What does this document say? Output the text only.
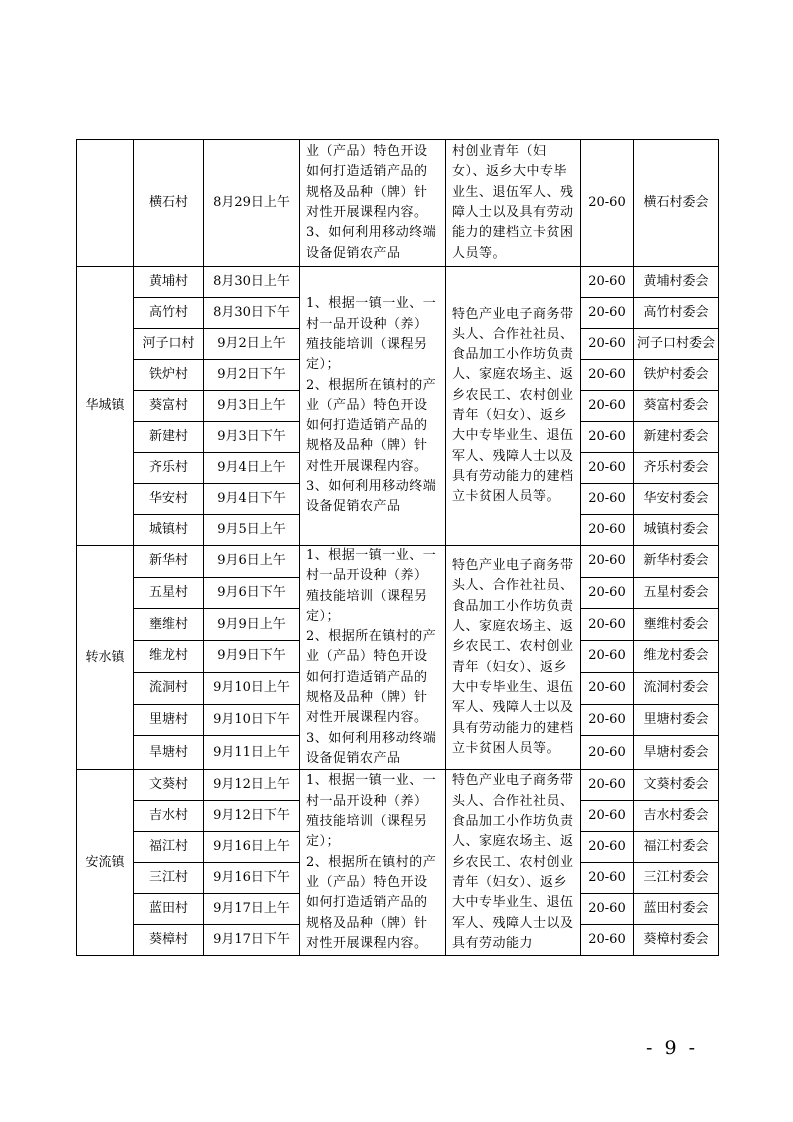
	横石村	8月29日上午	业（产品）特色开设如何打造适销产品的规格及品种（牌）针对性开展课程内容。
3、如何利用移动终端设备促销农产品	村创业青年（妇女）、返乡大中专毕业生、退伍军人、残障人士以及具有劳动能力的建档立卡贫困人员等。	20-60	横石村委会
华城镇	黄埔村	8月30日上午	1、根据一镇一业、一村一品开设种（养）殖技能培训（课程另定）；
2、根据所在镇村的产业（产品）特色开设如何打造适销产品的规格及品种（牌）针对性开展课程内容。
3、如何利用移动终端设备促销农产品	特色产业电子商务带头人、合作社社员、食品加工小作坊负责人、家庭农场主、返乡农民工、农村创业青年（妇女）、返乡大中专毕业生、退伍军人、残障人士以及具有劳动能力的建档立卡贫困人员等。	20-60	黄埔村委会
	高竹村	8月30日下午			20-60	高竹村委会
	河子口村	9月2日上午			20-60	河子口村委会
	铁炉村	9月2日下午			20-60	铁炉村委会
	葵富村	9月3日上午			20-60	葵富村委会
	新建村	9月3日下午			20-60	新建村委会
	齐乐村	9月4日上午			20-60	齐乐村委会
	华安村	9月4日下午			20-60	华安村委会
	城镇村	9月5日上午			20-60	城镇村委会
转水镇	新华村	9月6日上午	1、根据一镇一业、一村一品开设种（养）殖技能培训（课程另定）；
2、根据所在镇村的产业（产品）特色开设如何打造适销产品的规格及品种（牌）针对性开展课程内容。
3、如何利用移动终端设备促销农产品	特色产业电子商务带头人、合作社社员、食品加工小作坊负责人、家庭农场主、返乡农民工、农村创业青年（妇女）、返乡大中专毕业生、退伍军人、残障人士以及具有劳动能力的建档立卡贫困人员等。	20-60	新华村委会
	五星村	9月6日下午			20-60	五星村委会
	壅维村	9月9日上午			20-60	壅维村委会
	维龙村	9月9日下午			20-60	维龙村委会
	流洞村	9月10日上午			20-60	流洞村委会
	里塘村	9月10日下午			20-60	里塘村委会
	旱塘村	9月11日上午			20-60	旱塘村委会
安流镇	文葵村	9月12日上午	1、根据一镇一业、一村一品开设种（养）殖技能培训（课程另定）；
2、根据所在镇村的产业（产品）特色开设如何打造适销产品的规格及品种（牌）针对性开展课程内容。	特色产业电子商务带头人、合作社社员、食品加工小作坊负责人、家庭农场主、返乡农民工、农村创业青年（妇女）、返乡大中专毕业生、退伍军人、残障人士以及具有劳动能力	20-60	文葵村委会
	吉水村	9月12日下午			20-60	吉水村委会
	福江村	9月16日上午			20-60	福江村委会
	三江村	9月16日下午			20-60	三江村委会
	蓝田村	9月17日上午			20-60	蓝田村委会
	葵樟村	9月17日下午			20-60	葵樟村委会
- 9 -
